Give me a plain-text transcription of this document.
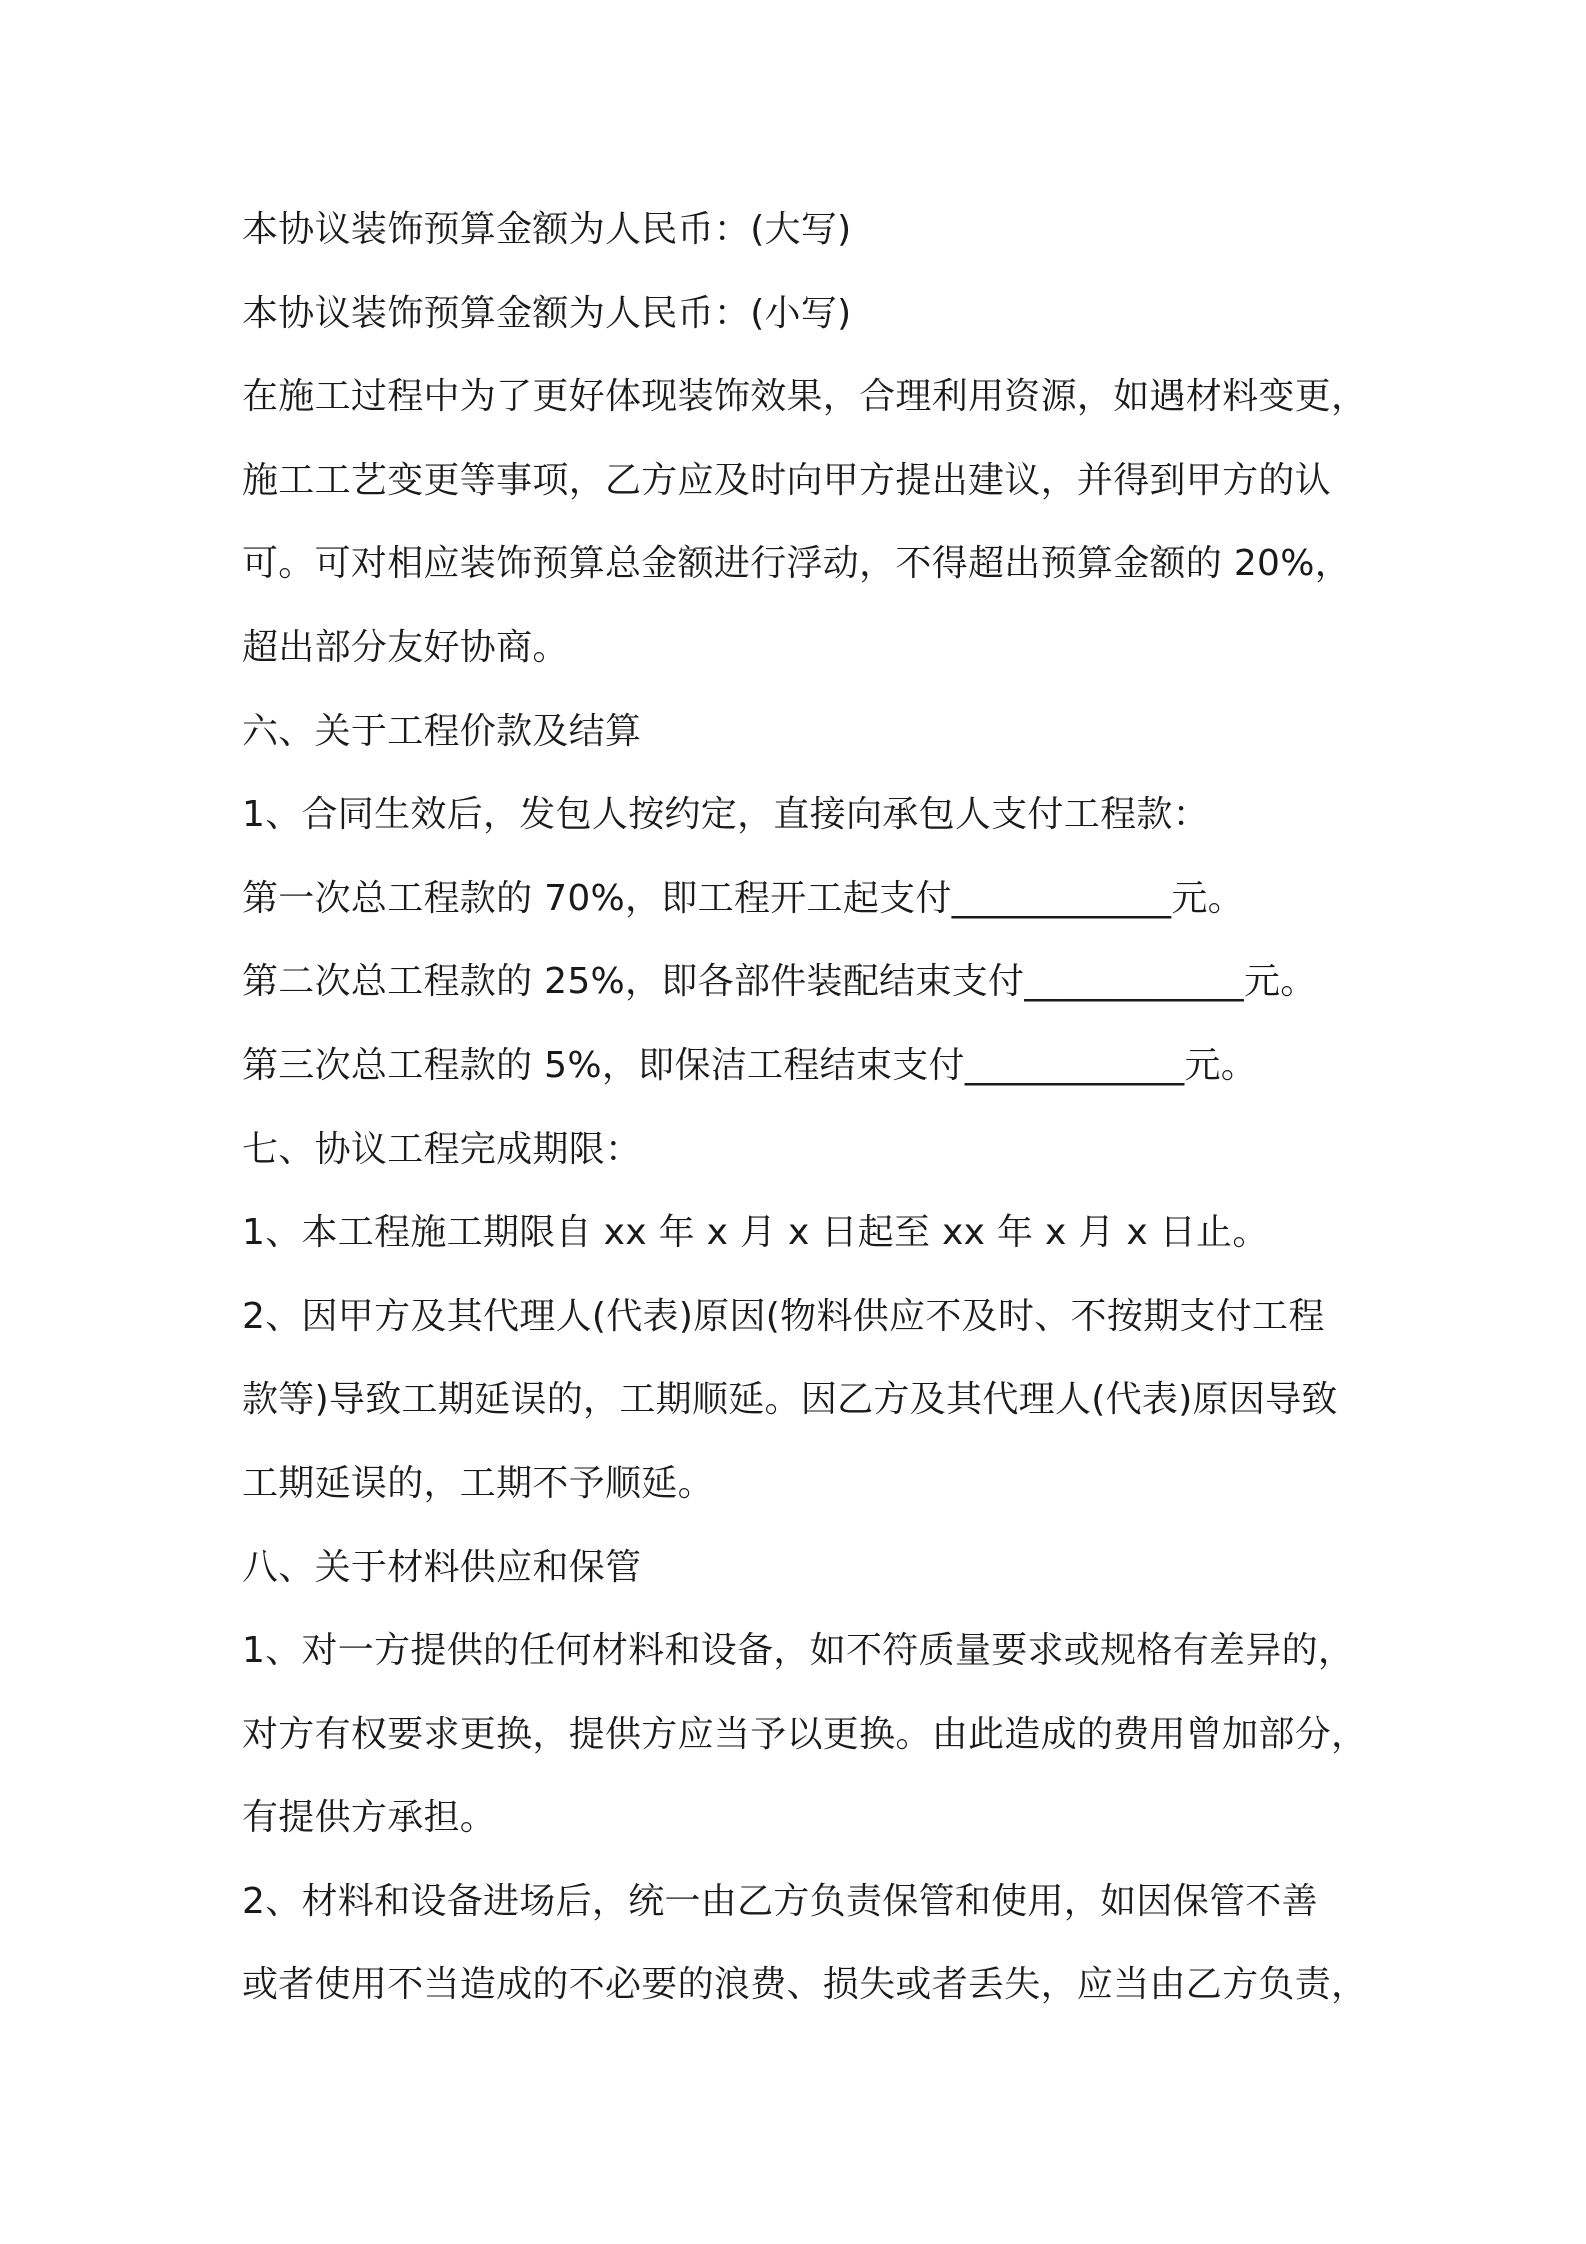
本协议装饰预算金额为人民币：(大写)
本协议装饰预算金额为人民币：(小写)
在施工过程中为了更好体现装饰效果，合理利用资源，如遇材料变更，
施工工艺变更等事项，乙方应及时向甲方提出建议，并得到甲方的认
可。可对相应装饰预算总金额进行浮动，不得超出预算金额的 20%，
超出部分友好协商。
六、关于工程价款及结算
1、合同生效后，发包人按约定，直接向承包人支付工程款：
第一次总工程款的 70%，即工程开工起支付____________元。
第二次总工程款的 25%，即各部件装配结束支付____________元。
第三次总工程款的 5%，即保洁工程结束支付____________元。
七、协议工程完成期限：
1、本工程施工期限自 xx 年 x 月 x 日起至 xx 年 x 月 x 日止。
2、因甲方及其代理人(代表)原因(物料供应不及时、不按期支付工程
款等)导致工期延误的，工期顺延。因乙方及其代理人(代表)原因导致
工期延误的，工期不予顺延。
八、关于材料供应和保管
1、对一方提供的任何材料和设备，如不符质量要求或规格有差异的，
对方有权要求更换，提供方应当予以更换。由此造成的费用曾加部分，
有提供方承担。
2、材料和设备进场后，统一由乙方负责保管和使用，如因保管不善
或者使用不当造成的不必要的浪费、损失或者丢失，应当由乙方负责，
